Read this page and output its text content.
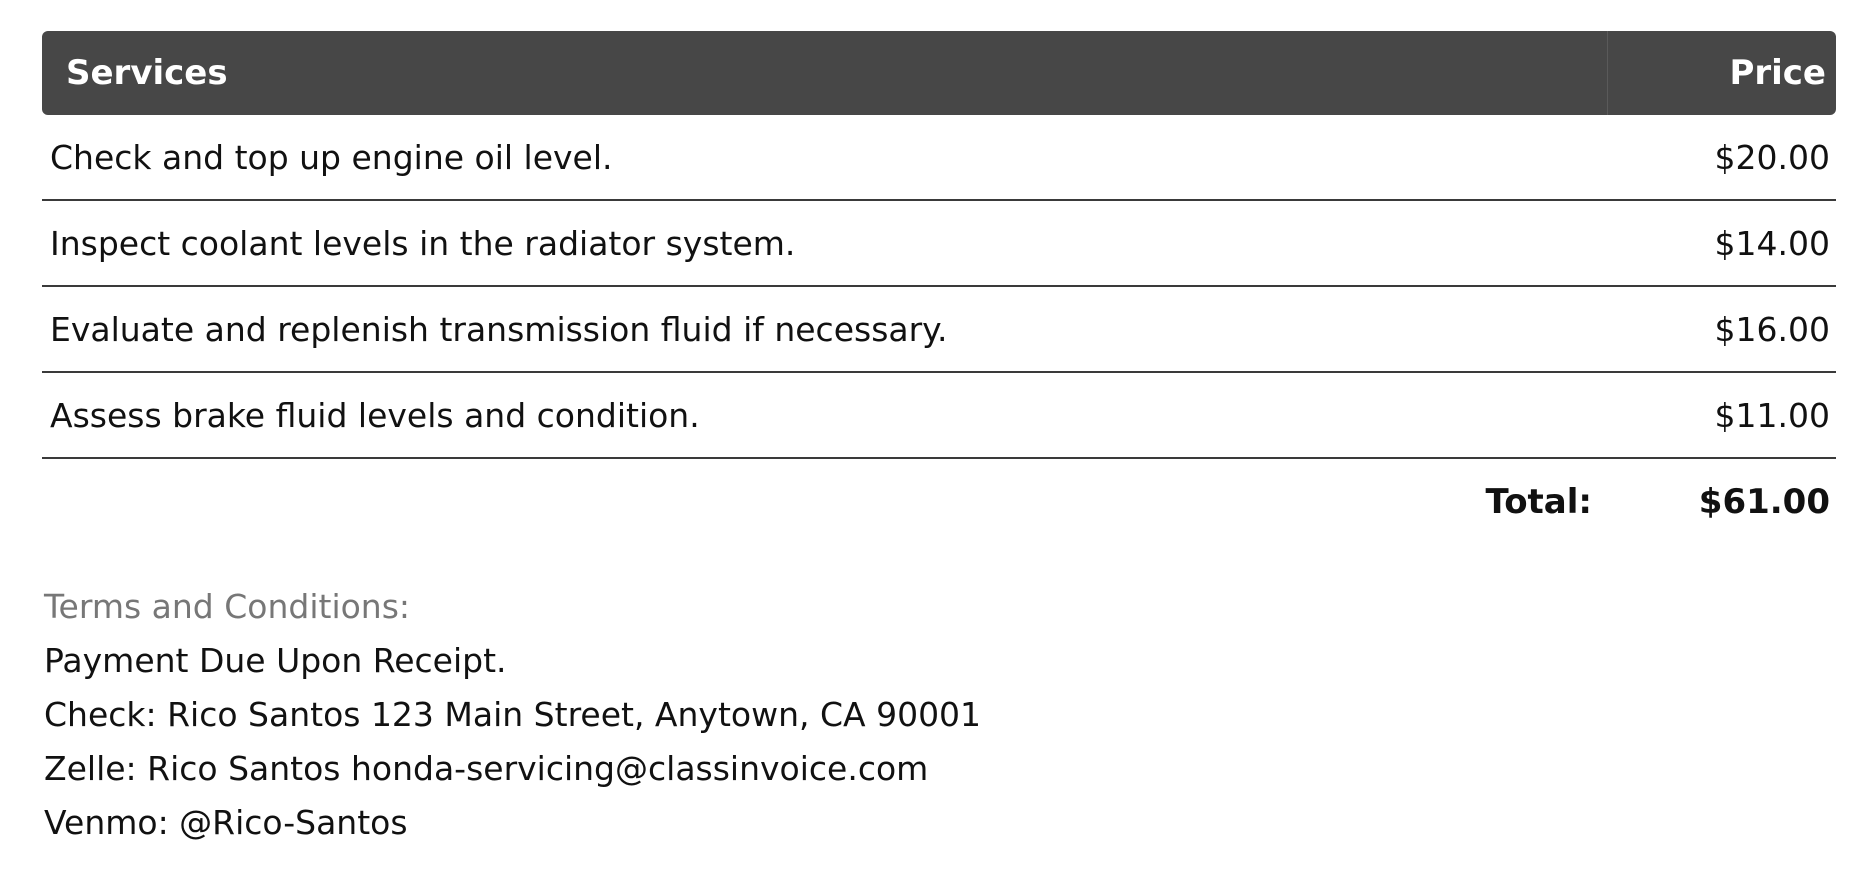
Services	Price
Check and top up engine oil level.	$20.00
Inspect coolant levels in the radiator system.	$14.00
Evaluate and replenish transmission fluid if necessary.	$16.00
Assess brake fluid levels and condition.	$11.00
Total:	$61.00
Terms and Conditions:
Payment Due Upon Receipt.
Check: Rico Santos 123 Main Street, Anytown, CA 90001
Zelle: Rico Santos honda-servicing@classinvoice.com
Venmo: @Rico-Santos
